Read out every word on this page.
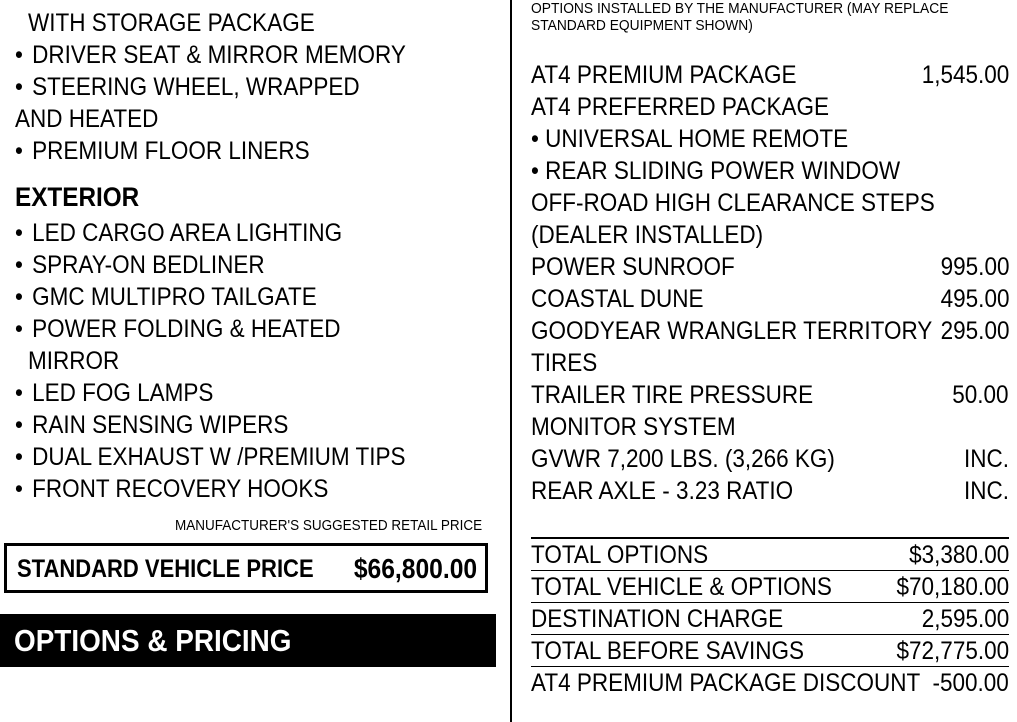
WITH STORAGE PACKAGE
• DRIVER SEAT & MIRROR MEMORY
• STEERING WHEEL, WRAPPED
AND HEATED
• PREMIUM FLOOR LINERS
EXTERIOR
• LED CARGO AREA LIGHTING
• SPRAY-ON BEDLINER
• GMC MULTIPRO TAILGATE
• POWER FOLDING & HEATED
MIRROR
• LED FOG LAMPS
• RAIN SENSING WIPERS
• DUAL EXHAUST W /PREMIUM TIPS
• FRONT RECOVERY HOOKS
MANUFACTURER'S SUGGESTED RETAIL PRICE
STANDARD VEHICLE PRICE $66,800.00
OPTIONS & PRICING
OPTIONS INSTALLED BY THE MANUFACTURER (MAY REPLACE STANDARD EQUIPMENT SHOWN)
AT4 PREMIUM PACKAGE	1,545.00
AT4 PREFERRED PACKAGE
• UNIVERSAL HOME REMOTE
• REAR SLIDING POWER WINDOW
OFF-ROAD HIGH CLEARANCE STEPS
(DEALER INSTALLED)
POWER SUNROOF	995.00
COASTAL DUNE	495.00
GOODYEAR WRANGLER TERRITORY 295.00
TIRES
TRAILER TIRE PRESSURE	50.00
MONITOR SYSTEM
GVWR 7,200 LBS. (3,266 KG)	INC.
REAR AXLE - 3.23 RATIO	INC.
TOTAL OPTIONS	$3,380.00
TOTAL VEHICLE & OPTIONS	$70,180.00
DESTINATION CHARGE	2,595.00
TOTAL BEFORE SAVINGS	$72,775.00
AT4 PREMIUM PACKAGE DISCOUNT -500.00
